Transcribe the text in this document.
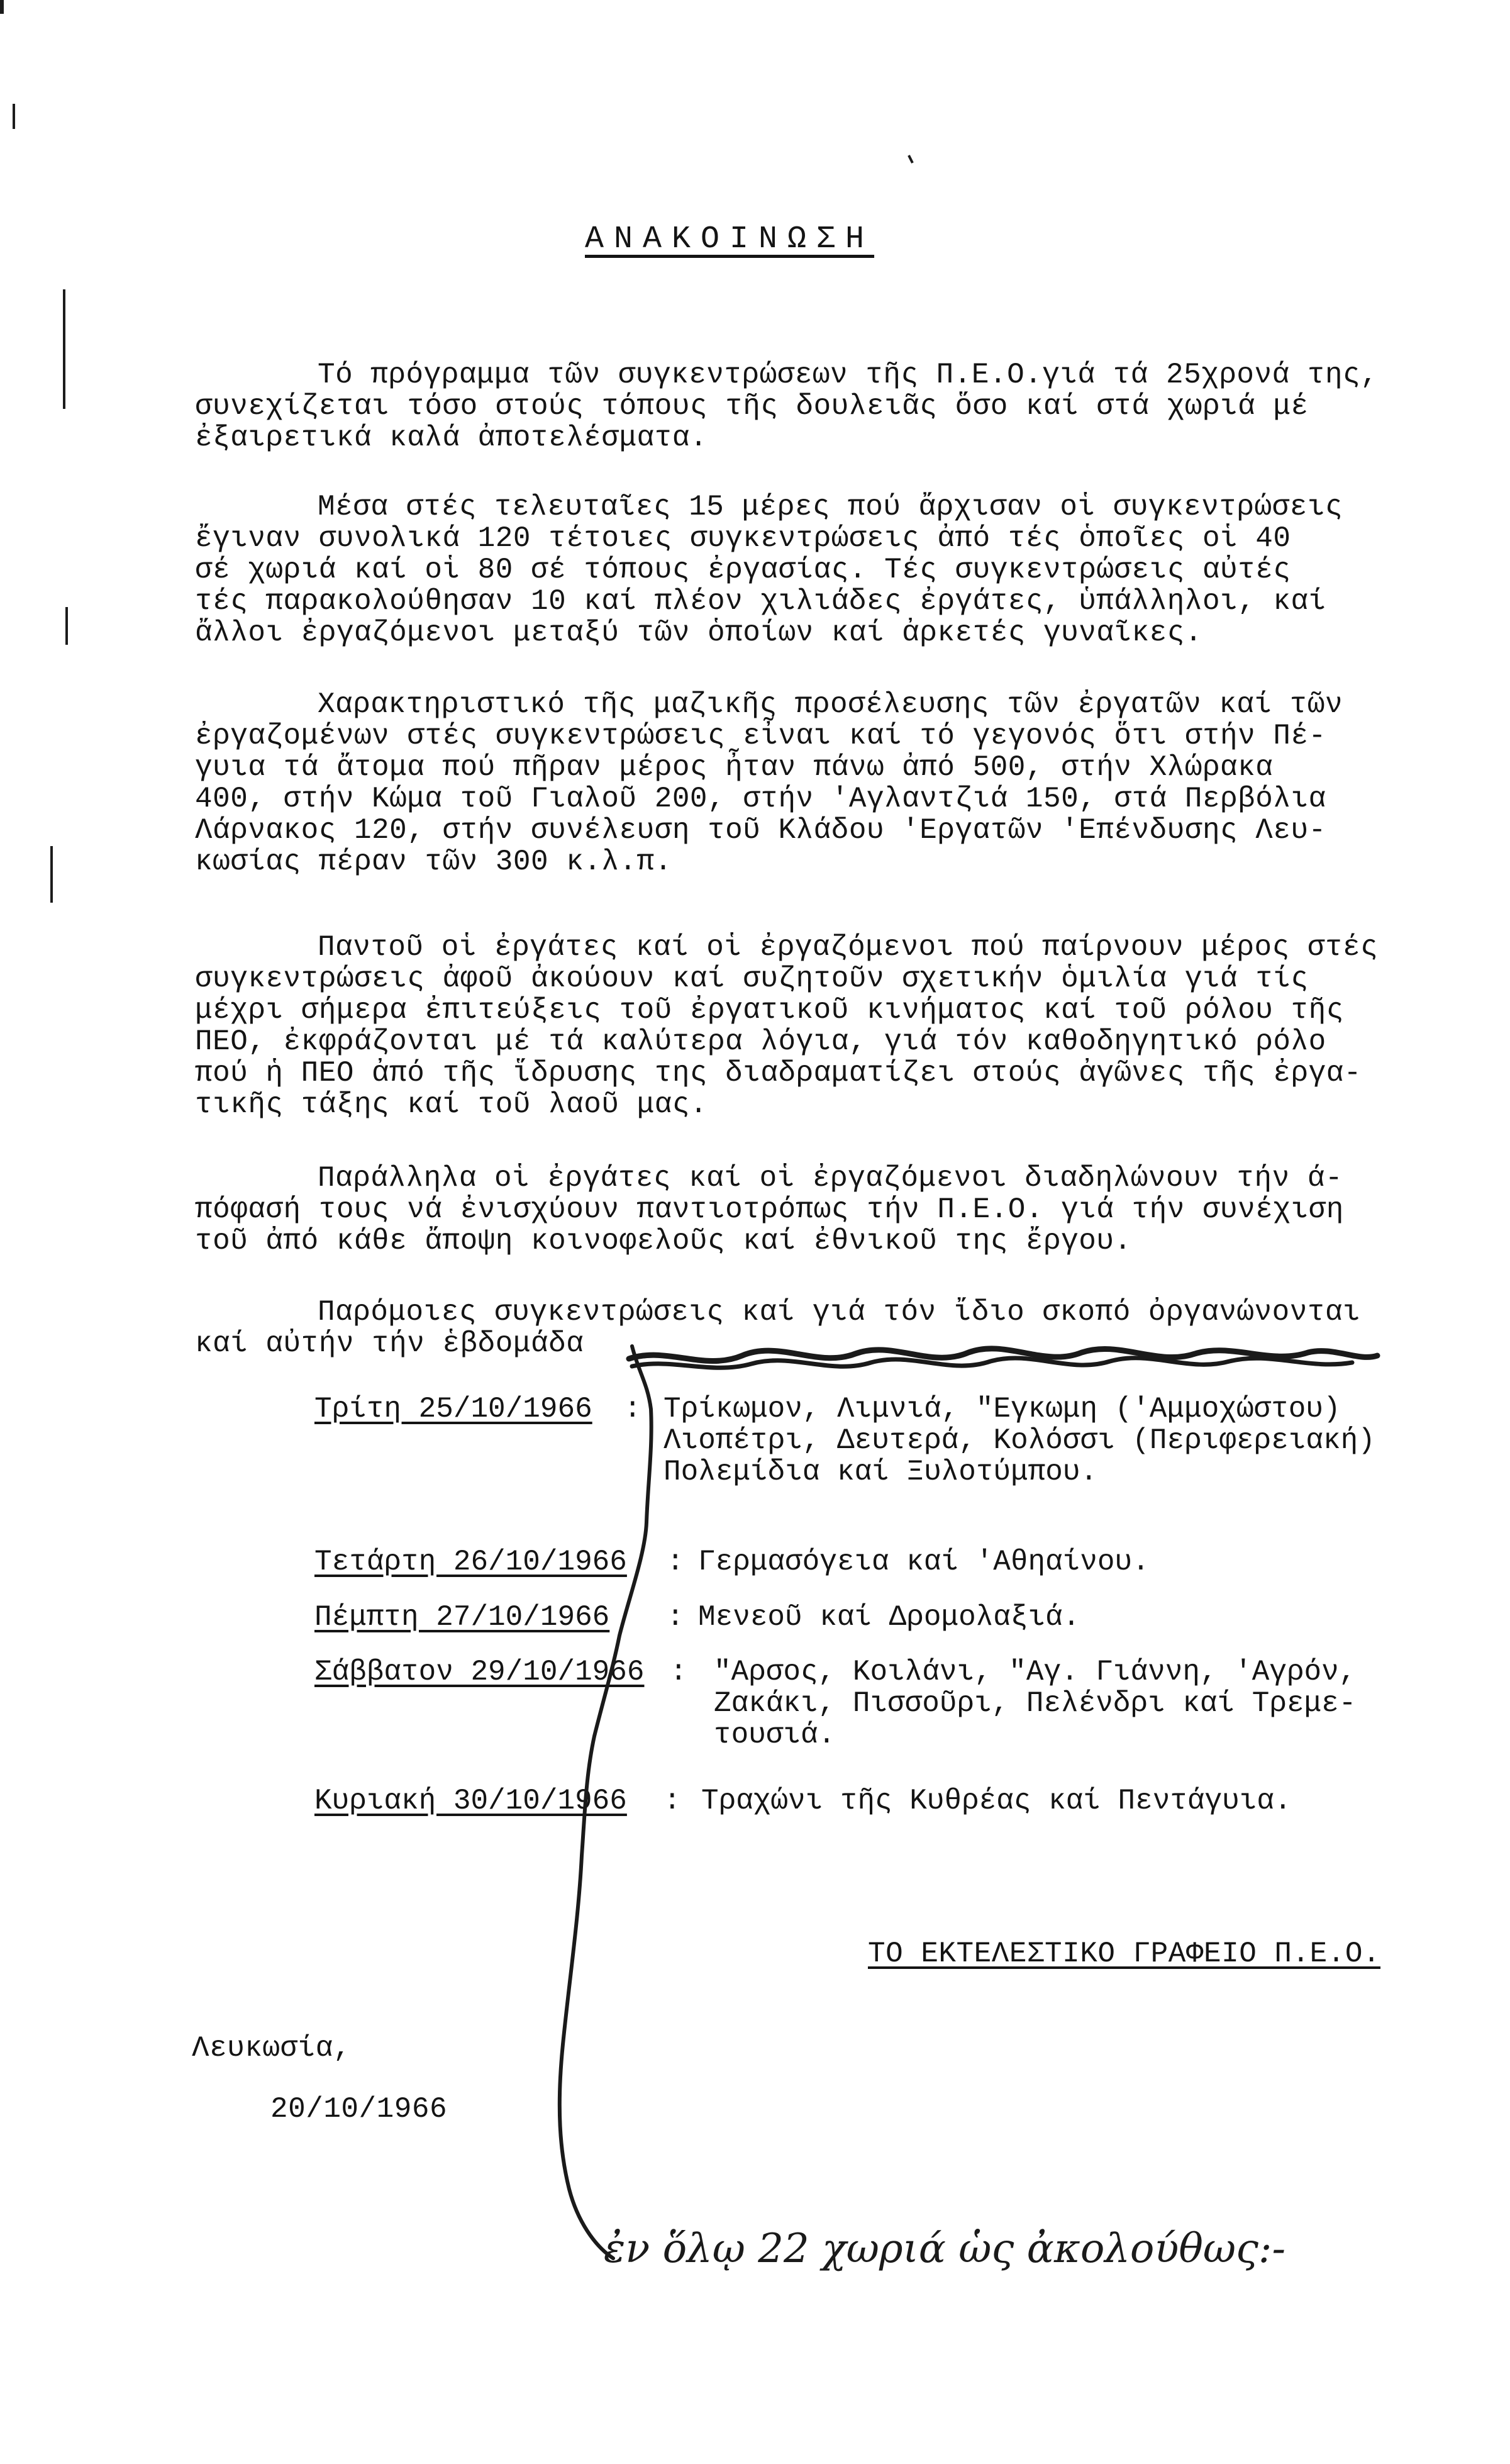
ΑΝΑΚΟΙΝΩΣΗ
Τό πρόγραμμα τῶν συγκεντρώσεων τῆς Π.Ε.Ο.γιά τά 25χρονά της,
συνεχίζεται τόσο στούς τόπους τῆς δουλειᾶς ὅσο καί στά χωριά μέ
ἐξαιρετικά καλά ἀποτελέσματα.
Μέσα στές τελευταῖες 15 μέρες πού ἄρχισαν οἱ συγκεντρώσεις
ἔγιναν συνολικά 120 τέτοιες συγκεντρώσεις ἀπό τές ὁποῖες οἱ 40
σέ χωριά καί οἱ 80 σέ τόπους ἐργασίας. Τές συγκεντρώσεις αὐτές
τές παρακολούθησαν 10 καί πλέον χιλιάδες ἐργάτες, ὑπάλληλοι, καί
ἄλλοι ἐργαζόμενοι μεταξύ τῶν ὁποίων καί ἀρκετές γυναῖκες.
Χαρακτηριστικό τῆς μαζικῆς προσέλευσης τῶν ἐργατῶν καί τῶν
ἐργαζομένων στές συγκεντρώσεις εἶναι καί τό γεγονός ὅτι στήν Πέ-
γυια τά ἄτομα πού πῆραν μέρος ἦταν πάνω ἀπό 500, στήν Χλώρακα
400, στήν Κώμα τοῦ Γιαλοῦ 200, στήν 'Αγλαντζιά 150, στά Περβόλια
Λάρνακος 120, στήν συνέλευση τοῦ Κλάδου 'Εργατῶν 'Επένδυσης Λευ-
κωσίας πέραν τῶν 300 κ.λ.π.
Παντοῦ οἱ ἐργάτες καί οἱ ἐργαζόμενοι πού παίρνουν μέρος στές
συγκεντρώσεις ἀφοῦ ἀκούουν καί συζητοῦν σχετικήν ὁμιλία γιά τίς
μέχρι σήμερα ἐπιτεύξεις τοῦ ἐργατικοῦ κινήματος καί τοῦ ρόλου τῆς
ΠΕΟ, ἐκφράζονται μέ τά καλύτερα λόγια, γιά τόν καθοδηγητικό ρόλο
πού ἡ ΠΕΟ ἀπό τῆς ἵδρυσης της διαδραματίζει στούς ἀγῶνες τῆς ἐργα-
τικῆς τάξης καί τοῦ λαοῦ μας.
Παράλληλα οἱ ἐργάτες καί οἱ ἐργαζόμενοι διαδηλώνουν τήν ά-
πόφασή τους νά ἐνισχύουν παντιοτρόπως τήν Π.Ε.Ο. γιά τήν συνέχιση
τοῦ ἀπό κάθε ἄποψη κοινοφελοῦς καί ἐθνικοῦ της ἔργου.
Παρόμοιες συγκεντρώσεις καί γιά τόν ἴδιο σκοπό ὀργανώνονται
καί αὐτήν τήν ἑβδομάδα
Τρίτη 25/10/1966 : Τρίκωμον, Λιμνιά, "Εγκωμη ('Αμμοχώστου)
Λιοπέτρι, Δευτερά, Κολόσσι (Περιφερειακή)
Πολεμίδια καί Ξυλοτύμπου.
Τετάρτη 26/10/1966 : Γερμασόγεια καί 'Αθηαίνου.
Πέμπτη 27/10/1966 : Μενεοῦ καί Δρομολαξιά.
Σάββατον 29/10/1966 : "Αρσος, Κοιλάνι, "Αγ. Γιάννη, 'Αγρόν,
Ζακάκι, Πισσοῦρι, Πελένδρι καί Τρεμε-
τουσιά.
Κυριακή 30/10/1966 : Τραχώνι τῆς Κυθρέας καί Πεντάγυια.
ΤΟ ΕΚΤΕΛΕΣΤΙΚΟ ΓΡΑΦΕΙΟ Π.Ε.Ο.
Λευκωσία,
20/10/1966
ἐν ὅλῳ 22 χωριά ὡς ἀκολούθως:-
